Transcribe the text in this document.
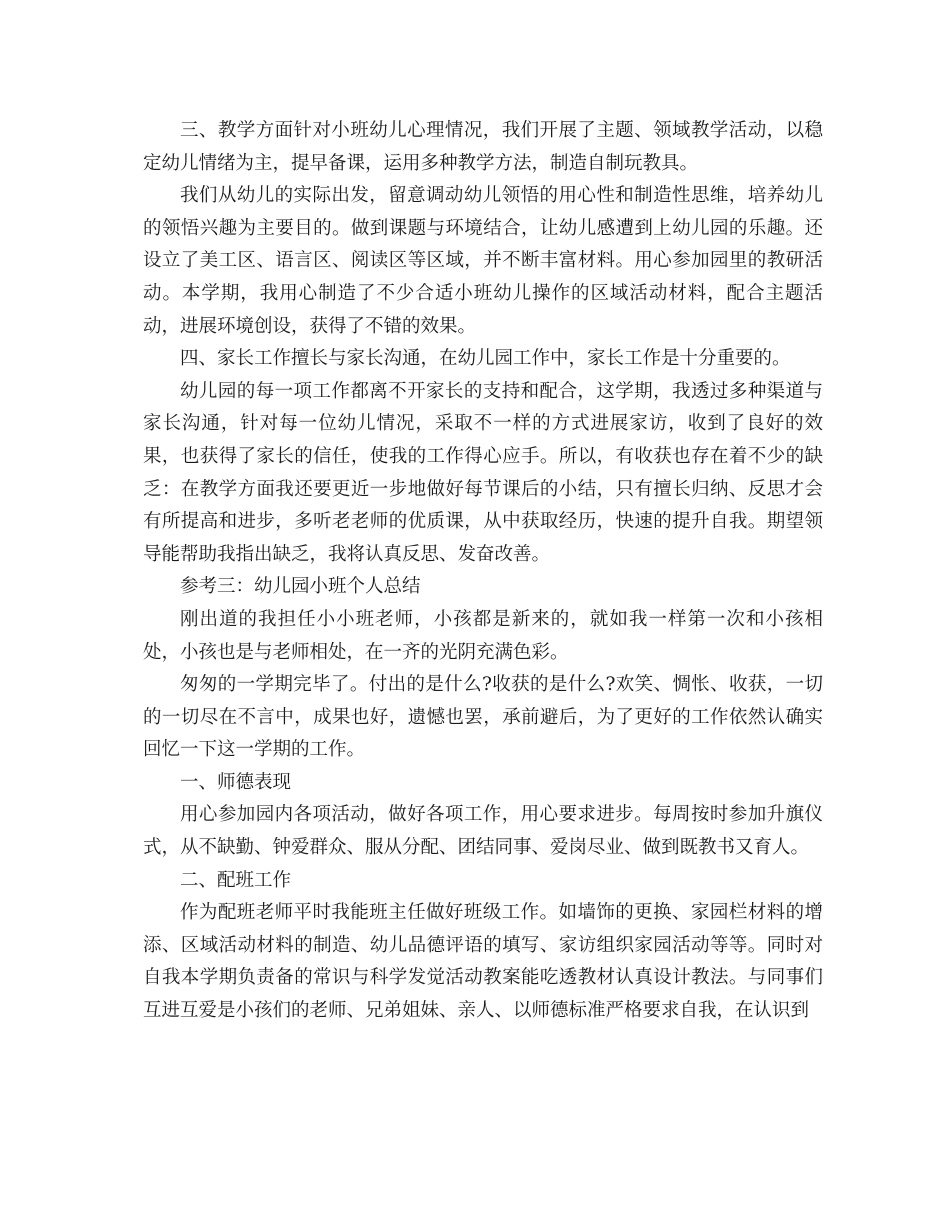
三、教学方面针对小班幼儿心理情况，我们开展了主题、领域教学活动，以稳定幼儿情绪为主，提早备课，运用多种教学方法，制造自制玩教具。

我们从幼儿的实际出发，留意调动幼儿领悟的用心性和制造性思维，培养幼儿的领悟兴趣为主要目的。做到课题与环境结合，让幼儿感遭到上幼儿园的乐趣。还设立了美工区、语言区、阅读区等区域，并不断丰富材料。用心参加园里的教研活动。本学期，我用心制造了不少合适小班幼儿操作的区域活动材料，配合主题活动，进展环境创设，获得了不错的效果。

四、家长工作擅长与家长沟通，在幼儿园工作中，家长工作是十分重要的。

幼儿园的每一项工作都离不开家长的支持和配合，这学期，我透过多种渠道与家长沟通，针对每一位幼儿情况，采取不一样的方式进展家访，收到了良好的效果，也获得了家长的信任，使我的工作得心应手。所以，有收获也存在着不少的缺乏：在教学方面我还要更近一步地做好每节课后的小结，只有擅长归纳、反思才会有所提高和进步，多听老老师的优质课，从中获取经历，快速的提升自我。期望领导能帮助我指出缺乏，我将认真反思、发奋改善。

参考三：幼儿园小班个人总结

刚出道的我担任小小班老师，小孩都是新来的，就如我一样第一次和小孩相处，小孩也是与老师相处，在一齐的光阴充满色彩。

匆匆的一学期完毕了。付出的是什么?收获的是什么?欢笑、惆怅、收获，一切的一切尽在不言中，成果也好，遗憾也罢，承前避后，为了更好的工作依然认确实回忆一下这一学期的工作。

一、师德表现

用心参加园内各项活动，做好各项工作，用心要求进步。每周按时参加升旗仪式，从不缺勤、钟爱群众、服从分配、团结同事、爱岗尽业、做到既教书又育人。

二、配班工作

作为配班老师平时我能班主任做好班级工作。如墙饰的更换、家园栏材料的增添、区域活动材料的制造、幼儿品德评语的填写、家访组织家园活动等等。同时对自我本学期负责备的常识与科学发觉活动教案能吃透教材认真设计教法。与同事们互进互爱是小孩们的老师、兄弟姐妹、亲人、以师德标准严格要求自我，在认识到
